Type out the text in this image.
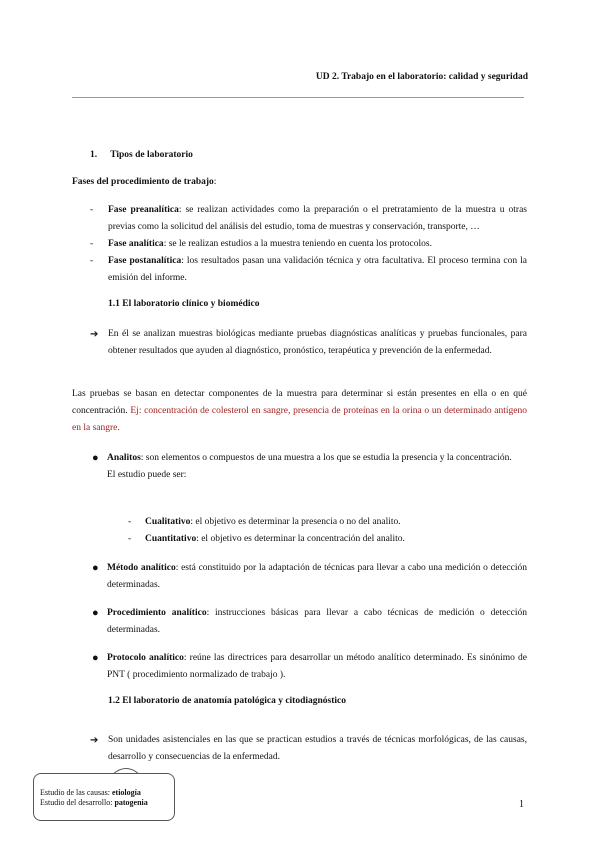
UD 2. Trabajo en el laboratorio: calidad y seguridad
1. Tipos de laboratorio
Fases del procedimiento de trabajo:
- Fase preanalítica: se realizan actividades como la preparación o el pretratamiento de la muestra u otras previas como la solicitud del análisis del estudio, toma de muestras y conservación, transporte, …
- Fase analítica: se le realizan estudios a la muestra teniendo en cuenta los protocolos.
- Fase postanalítica: los resultados pasan una validación técnica y otra facultativa. El proceso termina con la emisión del informe.
1.1 El laboratorio clínico y biomédico
➔ En él se analizan muestras biológicas mediante pruebas diagnósticas analíticas y pruebas funcionales, para obtener resultados que ayuden al diagnóstico, pronóstico, terapéutica y prevención de la enfermedad.
Las pruebas se basan en detectar componentes de la muestra para determinar si están presentes en ella o en qué concentración. Ej: concentración de colesterol en sangre, presencia de proteínas en la orina o un determinado antígeno en la sangre.
● Analitos: son elementos o compuestos de una muestra a los que se estudia la presencia y la concentración.
El estudio puede ser:
- Cualitativo: el objetivo es determinar la presencia o no del analito.
- Cuantitativo: el objetivo es determinar la concentración del analito.
● Método analítico: está constituido por la adaptación de técnicas para llevar a cabo una medición o detección determinadas.
● Procedimiento analítico: instrucciones básicas para llevar a cabo técnicas de medición o detección determinadas.
● Protocolo analítico: reúne las directrices para desarrollar un método analítico determinado. Es sinónimo de PNT ( procedimiento normalizado de trabajo ).
1.2 El laboratorio de anatomía patológica y citodiagnóstico
➔ Son unidades asistenciales en las que se practican estudios a través de técnicas morfológicas, de las causas, desarrollo y consecuencias de la enfermedad.
Estudio de las causas: etiología
Estudio del desarrollo: patogenia	1
